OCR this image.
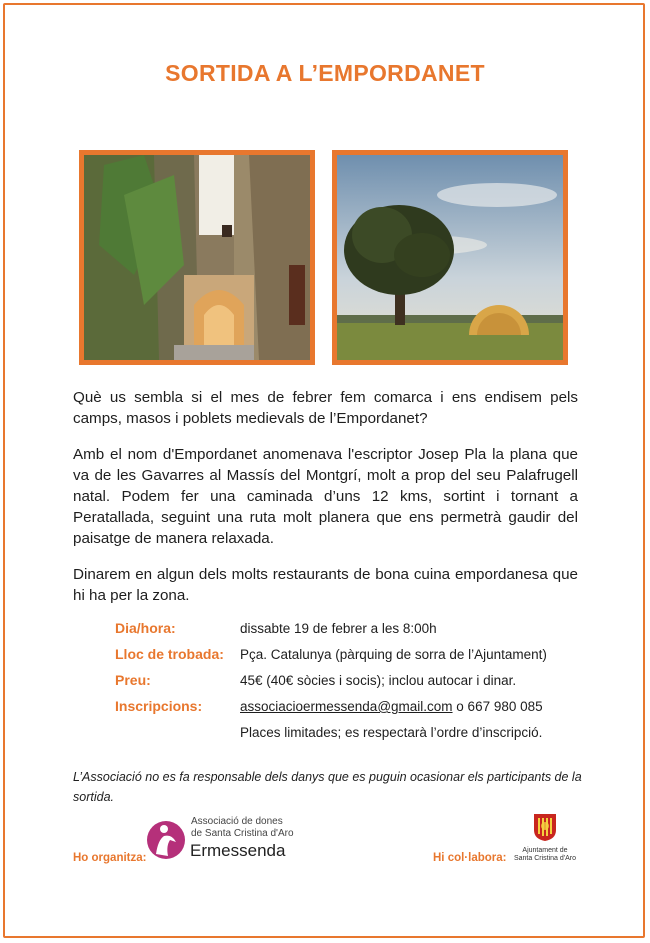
SORTIDA A L’EMPORDANET
Què us sembla si el mes de febrer fem comarca i ens endisem pels camps, masos i poblets medievals de l’Empordanet?
Amb el nom d'Empordanet anomenava l'escriptor Josep Pla la plana que va de les Gavarres al Massís del Montgrí, molt a prop del seu Palafrugell natal. Podem fer una caminada d’uns 12 kms, sortint i tornant a Peratallada, seguint una ruta molt planera que ens permetrà gaudir del paisatge de manera relaxada.
Dinarem en algun dels molts restaurants de bona cuina empordanesa que hi ha per la zona.
Dia/hora:	dissabte 19 de febrer a les 8:00h
Lloc de trobada: Pça. Catalunya (pàrquing de sorra de l’Ajuntament)
Preu:	45€ (40€ sòcies i socis); inclou autocar i dinar.
Inscripcions:	associacioermessenda@gmail.com o 667 980 085
Places limitades; es respectarà l’ordre d’inscripció.
L’Associació no es fa responsable dels danys que es puguin ocasionar els participants de la sortida.
Ho organitza:
Associació de dones
de Santa Cristina d'Aro
Ermessenda	Hi col·labora:
Ajuntament de
Santa Cristina d'Aro
